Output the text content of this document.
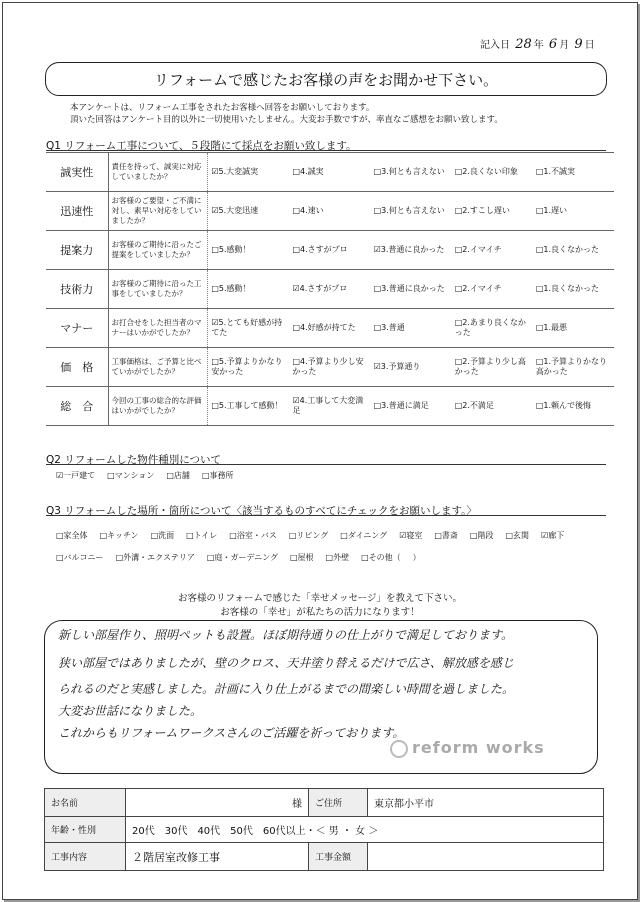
記入日 28 年 6 月 9 日
リフォームで感じたお客様の声をお聞かせ下さい。
本アンケートは、リフォーム工事をされたお客様へ回答をお願いしております。
頂いた回答はアンケート目的以外に一切使用いたしません。大変お手数ですが、率直なご感想をお願い致します。
Q1 リフォーム工事について、５段階にて採点をお願い致します。
誠実性	責任を持って、誠実に対応していましたか？	☑5.大変誠実	□4.誠実	□3.何とも言えない	□2.良くない印象	□1.不誠実
迅速性	お客様のご要望・ご不満に対し、素早い対応をしていましたか？	☑5.大変迅速	□4.速い	□3.何とも言えない	□2.すこし遅い	□1.遅い
提案力	お客様のご期待に沿ったご提案をしていましたか？	□5.感動！	□4.さすがプロ	☑3.普通に良かった	□2.イマイチ	□1.良くなかった
技術力	お客様のご期待に沿った工事をしていましたか？	□5.感動！	☑4.さすがプロ	□3.普通に良かった	□2.イマイチ	□1.良くなかった
マナー	お打合せをした担当者のマナーはいかがでしたか？	☑5.とても好感が持てた	□4.好感が持てた	□3.普通	□2.あまり良くなかった	□1.最悪
価　格	工事価格は、ご予算と比べていかがでしたか？	□5.予算よりかなり安かった	□4.予算より少し安かった	☑3.予算通り	□2.予算より少し高かった	□1.予算よりかなり高かった
総　合	今回の工事の総合的な評価はいかがでしたか？	□5.工事して感動！	☑4.工事して大変満足	□3.普通に満足	□2.不満足	□1.頼んで後悔
Q2 リフォームした物件種別について
☑一戸建て □マンション □店舗 □事務所
Q3 リフォームした場所・箇所について〈該当するものすべてにチェックをお願いします。〉
□家全体 □キッチン □洗面 □トイレ □浴室・バス □リビング □ダイニング ☑寝室 □書斎 □階段 □玄関 ☑廊下
□バルコニー □外溝・エクステリア □庭・ガーデニング □屋根 □外壁 □その他（ ）
お客様のリフォームで感じた「幸せメッセージ」を教えて下さい。
お客様の「幸せ」が私たちの活力になります！
新しい部屋作り、照明ペットも設置。ほぼ期待通りの仕上がりで満足しております。
狭い部屋ではありましたが、壁のクロス、天井塗り替えるだけで広さ、解放感を感じ
られるのだと実感しました。計画に入り仕上がるまでの間楽しい時間を過しました。
大変お世話になりました。
これからもリフォームワークスさんのご活躍を祈っております。
reform works
お名前	様	ご住所	東京都小平市
年齢・性別	20代　30代　40代　50代　60代以上・＜ 男 ・ 女 ＞		
工事内容	２階居室改修工事	工事金額	
